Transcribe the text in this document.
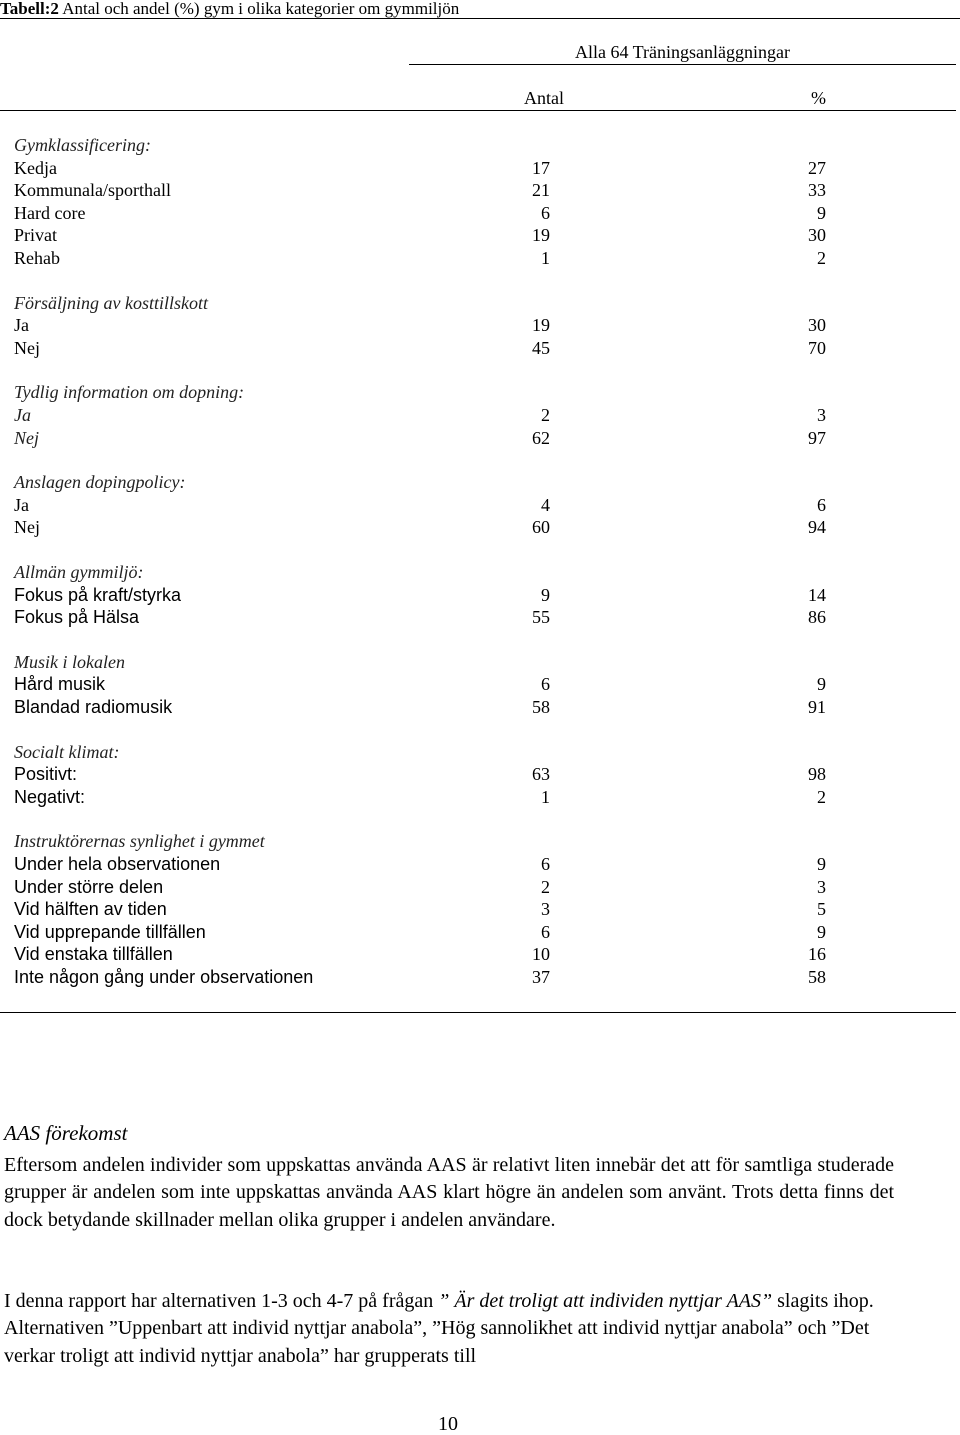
Tabell:2 Antal och andel (%) gym i olika kategorier om gymmiljön
Alla 64 Träningsanläggningar
Antal	%
Gymklassificering:
Kedja	17	27
Kommunala/sporthall	21	33
Hard core	6	9
Privat	19	30
Rehab	1	2
Försäljning av kosttillskott
Ja	19	30
Nej	45	70
Tydlig information om dopning:
Ja	2	3
Nej	62	97
Anslagen dopingpolicy:
Ja	4	6
Nej	60	94
Allmän gymmiljö:
Fokus på kraft/styrka	9	14
Fokus på Hälsa	55	86
Musik i lokalen
Hård musik	6	9
Blandad radiomusik	58	91
Socialt klimat:
Positivt:	63	98
Negativt:	1	2
Instruktörernas synlighet i gymmet
Under hela observationen	6	9
Under större delen	2	3
Vid hälften av tiden	3	5
Vid upprepande tillfällen	6	9
Vid enstaka tillfällen	10	16
Inte någon gång under observationen	37	58
AAS förekomst
Eftersom andelen individer som uppskattas använda AAS är relativt liten innebär det att för samtliga studerade grupper är andelen som inte uppskattas använda AAS klart högre än andelen som använt. Trots detta finns det dock betydande skillnader mellan olika grupper i andelen användare.
I denna rapport har alternativen 1-3 och 4-7 på frågan ” Är det troligt att individen nyttjar AAS” slagits ihop. Alternativen ”Uppenbart att individ nyttjar anabola”, ”Hög sannolikhet att individ nyttjar anabola” och ”Det verkar troligt att individ nyttjar anabola” har grupperats till
10
